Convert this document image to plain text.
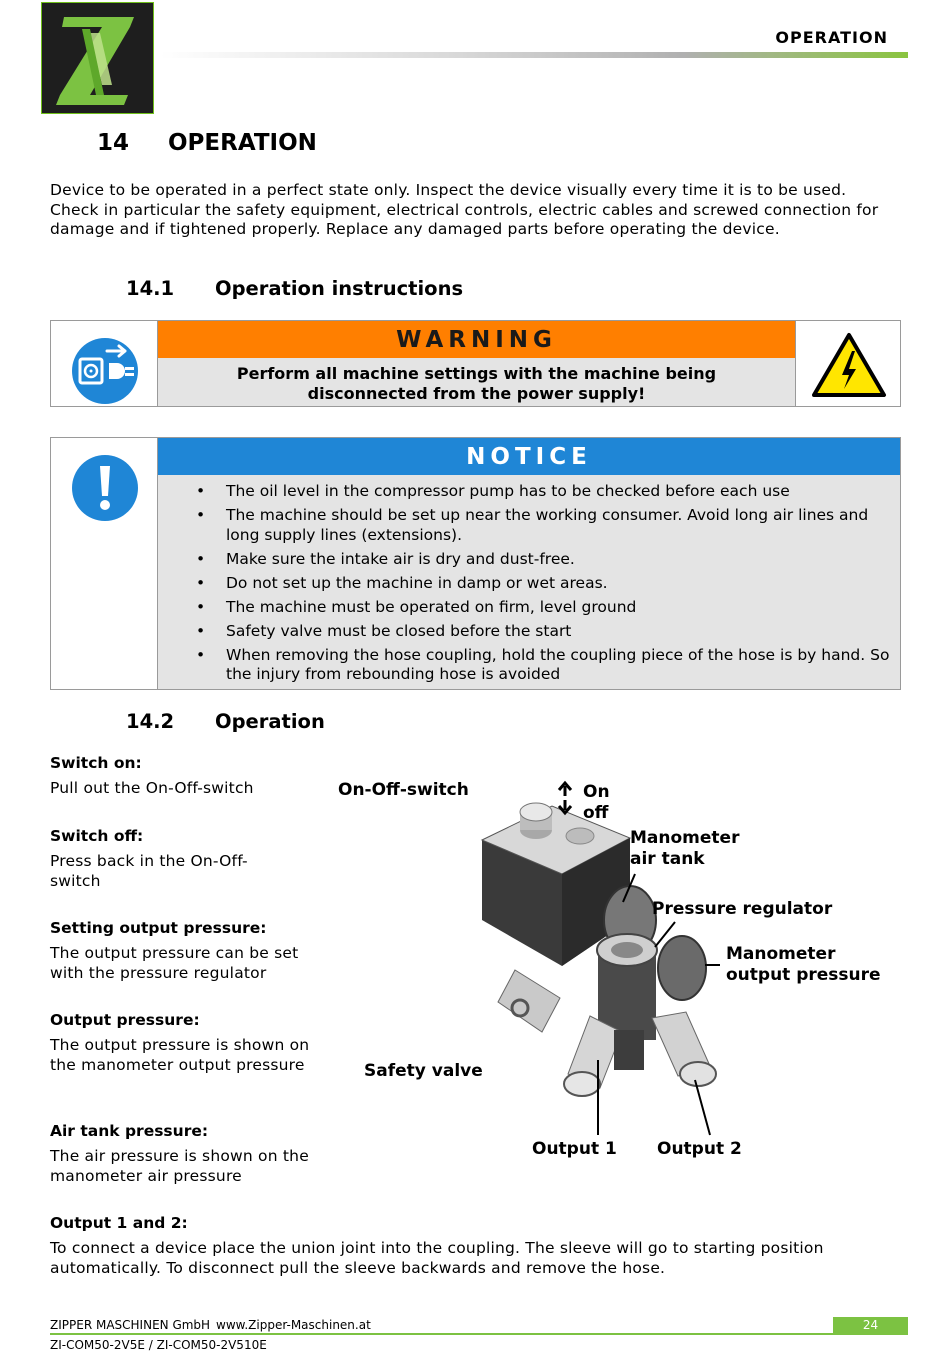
OPERATION
14 OPERATION

Device to be operated in a perfect state only. Inspect the device visually every time it is to be used. Check in particular the safety equipment, electrical controls, electric cables and screwed connection for damage and if tightened properly. Replace any damaged parts before operating the device.

14.1 Operation instructions
WARNING
Perform all machine settings with the machine being
disconnected from the power supply!
NOTICE
• The oil level in the compressor pump has to be checked before each use
• The machine should be set up near the working consumer. Avoid long air lines and long supply lines (extensions).
• Make sure the intake air is dry and dust-free.
• Do not set up the machine in damp or wet areas.
• The machine must be operated on firm, level ground
• Safety valve must be closed before the start
• When removing the hose coupling, hold the coupling piece of the hose is by hand. So the injury from rebounding hose is avoided
14.2 Operation
Switch on:
Pull out the On-Off-switch
Switch off:
Press back in the On-Off-switch
Setting output pressure:
The output pressure can be set with the pressure regulator
Output pressure:
The output pressure is shown on the manometer output pressure
Air tank pressure:
The air pressure is shown on the manometer air pressure
On-Off-switch	On
off
Manometer
air tank
Pressure regulator
Manometer
output pressure
Safety valve
Output 1 Output 2
Output 1 and 2:
To connect a device place the union joint into the coupling. The sleeve will go to starting position automatically. To disconnect pull the sleeve backwards and remove the hose.
ZIPPER MASCHINEN GmbH www.Zipper-Maschinen.at	24
ZI-COM50-2V5E / ZI-COM50-2V510E
